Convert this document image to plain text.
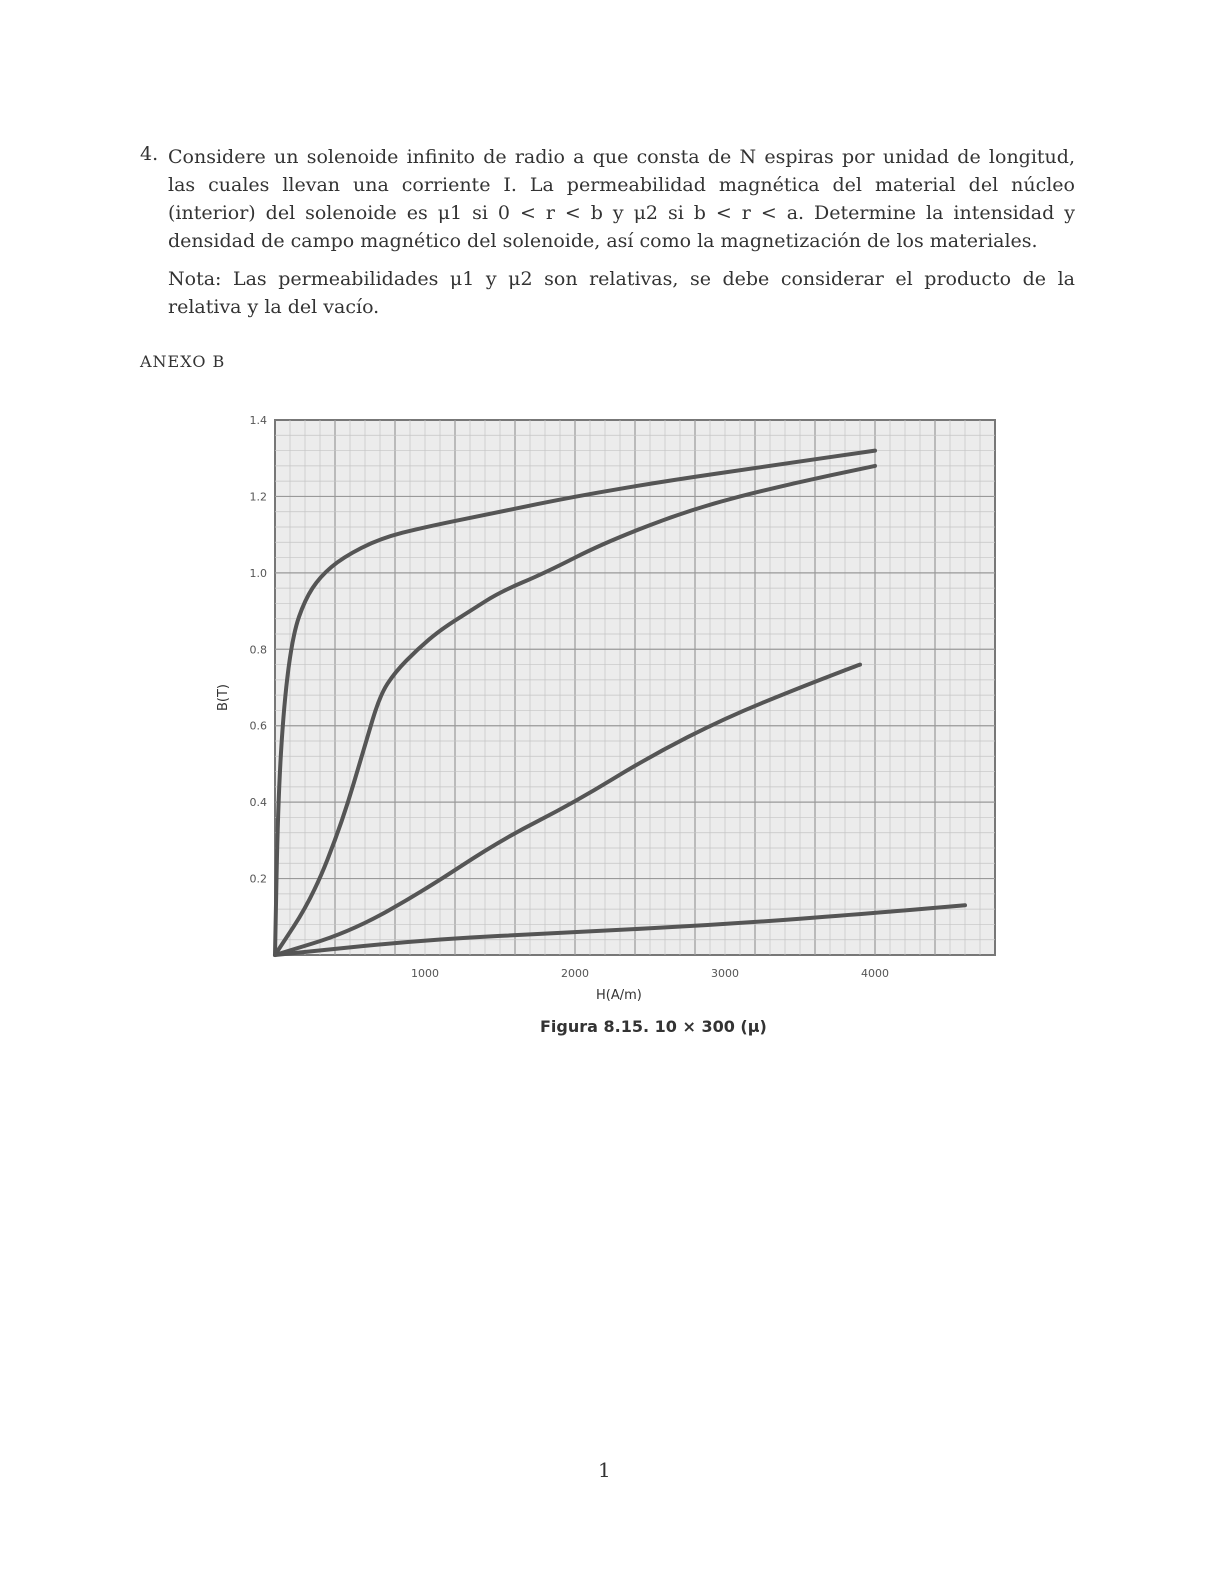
4. Considere un solenoide infinito de radio a que consta de N espiras por unidad de longitud, las cuales llevan una corriente I. La permeabilidad magnética del material del núcleo (interior) del solenoide es μ1 si 0 < r < b y μ2 si b < r < a. Determine la intensidad y densidad de campo magnético del solenoide, así como la magnetización de los materiales.
Nota: Las permeabilidades μ1 y μ2 son relativas, se debe considerar el producto de la relativa y la del vacío.
ANEXO B
1000	2000	3000	4000
0.2
0.4
0.6
0.8
1.0
1.2
1.4
H(A/m)
B(T)
Figura 8.15. 10 × 300 (μ)
1
